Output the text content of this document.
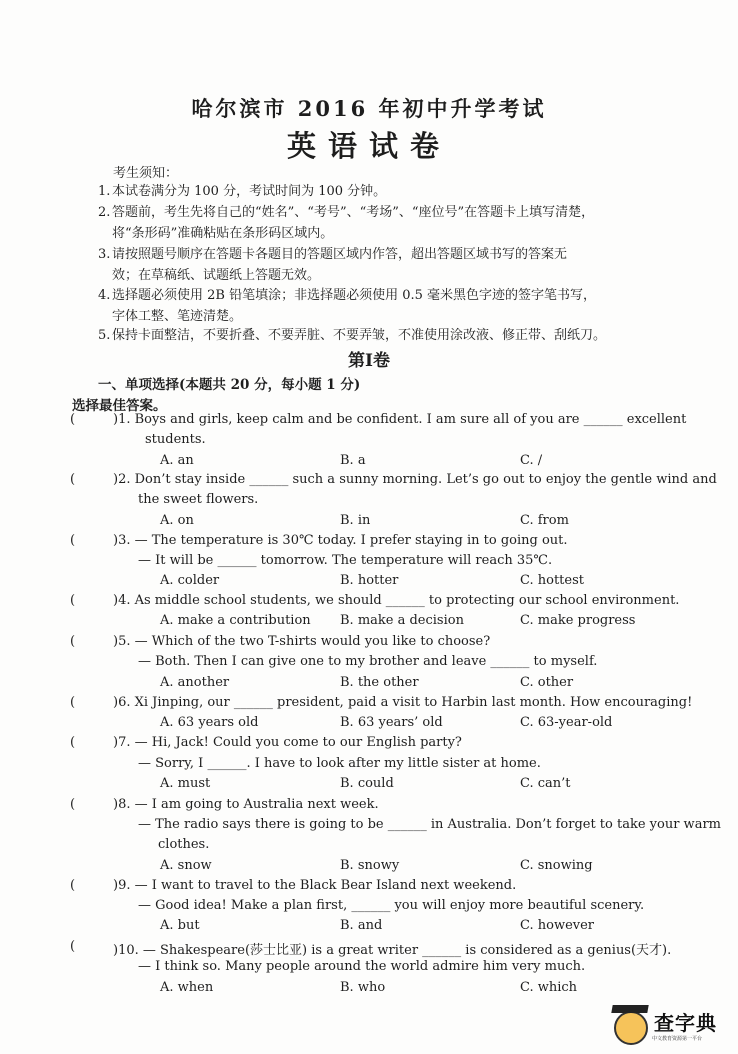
哈尔滨市 2016 年初中升学考试
英语试卷
考生须知：
1. 本试卷满分为 100 分，考试时间为 100 分钟。
2. 答题前，考生先将自己的“姓名”、“考号”、“考场”、“座位号”在答题卡上填写清楚，
将“条形码”准确粘贴在条形码区域内。
3. 请按照题号顺序在答题卡各题目的答题区域内作答，超出答题区域书写的答案无
效；在草稿纸、试题纸上答题无效。
4. 选择题必须使用 2B 铅笔填涂；非选择题必须使用 0.5 毫米黑色字迹的签字笔书写，
字体工整、笔迹清楚。
5. 保持卡面整洁，不要折叠、不要弄脏、不要弄皱，不准使用涂改液、修正带、刮纸刀。
第Ⅰ卷
一、单项选择(本题共 20 分，每小题 1 分)
选择最佳答案。
(	)1. Boys and girls, keep calm and be confident. I am sure all of you are ______ excellent
students.
A. an	B. a	C. /
(	)2. Don’t stay inside ______ such a sunny morning. Let’s go out to enjoy the gentle wind and
the sweet flowers.
A. on	B. in	C. from
(	)3. — The temperature is 30℃ today. I prefer staying in to going out.
— It will be ______ tomorrow. The temperature will reach 35℃.
A. colder	B. hotter	C. hottest
(	)4. As middle school students, we should ______ to protecting our school environment.
A. make a contribution B. make a decision	C. make progress
(	)5. — Which of the two T-shirts would you like to choose?
— Both. Then I can give one to my brother and leave ______ to myself.
A. another	B. the other	C. other
(	)6. Xi Jinping, our ______ president, paid a visit to Harbin last month. How encouraging!
A. 63 years old	B. 63 years’ old	C. 63-year-old
(	)7. — Hi, Jack! Could you come to our English party?
— Sorry, I ______. I have to look after my little sister at home.
A. must	B. could	C. can’t
(	)8. — I am going to Australia next week.
— The radio says there is going to be ______ in Australia. Don’t forget to take your warm
clothes.
A. snow	B. snowy	C. snowing
(	)9. — I want to travel to the Black Bear Island next weekend.
— Good idea! Make a plan first, ______ you will enjoy more beautiful scenery.
A. but	B. and	C. however
(	)10. — Shakespeare(莎士比亚) is a great writer ______ is considered as a genius(天才).
— I think so. Many people around the world admire him very much.
A. when	B. who	C. which
查字典
中文教育资源第一平台
